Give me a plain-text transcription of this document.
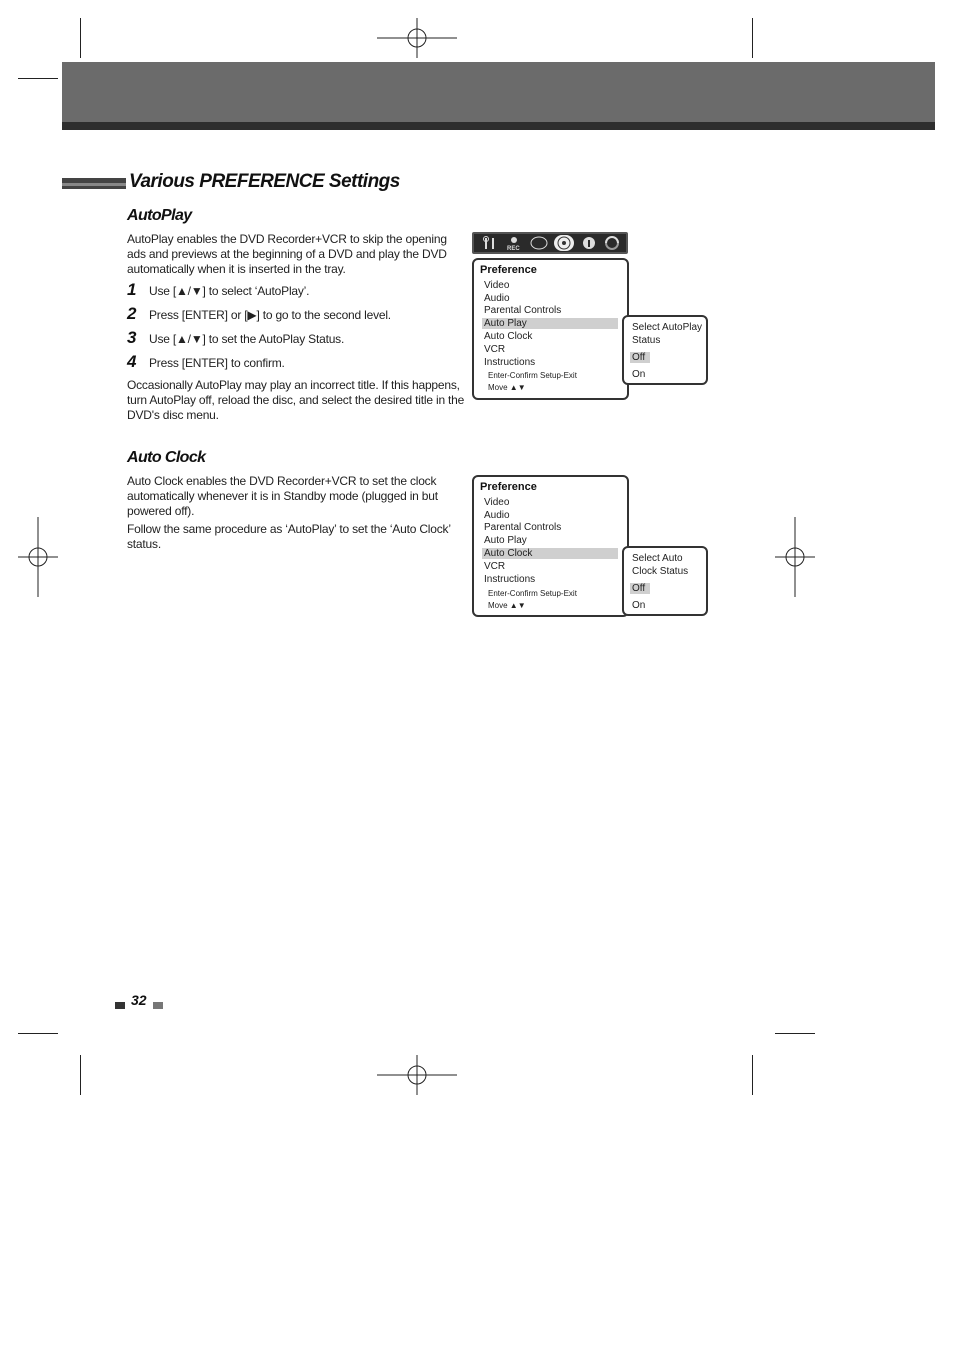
Various PREFERENCE Settings
AutoPlay
AutoPlay enables the DVD Recorder+VCR to skip the opening ads and previews at the beginning of a DVD and play the DVD automatically when it is inserted in the tray.
1 Use [▲/▼] to select ‘AutoPlay’.
2 Press [ENTER] or [▶] to go to the second level.
3 Use [▲/▼] to set the AutoPlay Status.
4 Press [ENTER] to confirm.
Occasionally AutoPlay may play an incorrect title. If this happens, turn AutoPlay off, reload the disc, and select the desired title in the DVD's disc menu.
Auto Clock
Auto Clock enables the DVD Recorder+VCR to set the clock automatically whenever it is in Standby mode (plugged in but powered off).
Follow the same procedure as ‘AutoPlay’ to set the ‘Auto Clock’ status.
REC
Preference
Video
Audio
Parental Controls
Auto Play
Auto Clock
VCR
Instructions
Enter-Confirm Setup-Exit
Move ▲▼
Select AutoPlay
Status
Off
On
Preference
Video
Audio
Parental Controls
Auto Play
Auto Clock
VCR
Instructions
Enter-Confirm Setup-Exit
Move ▲▼
Select Auto
Clock Status
Off
On
32
